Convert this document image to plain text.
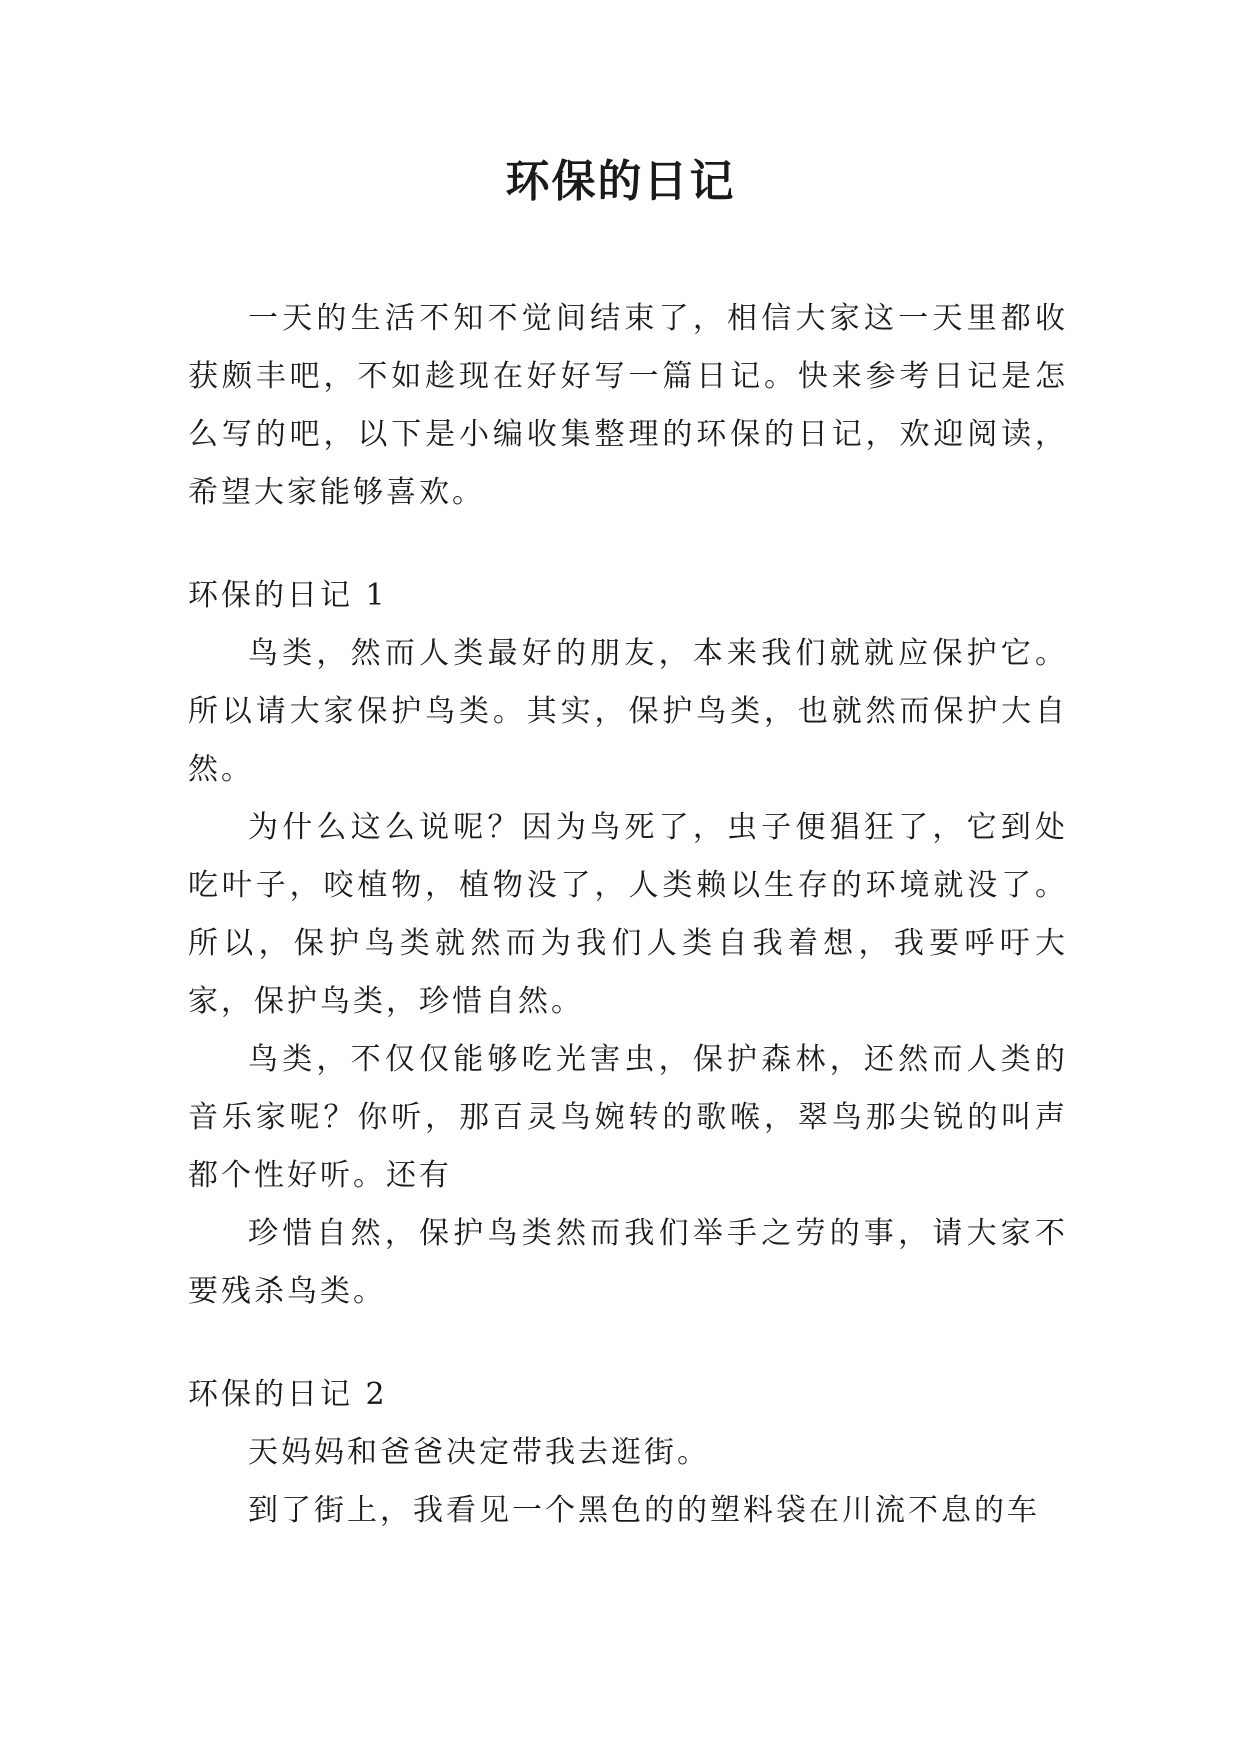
环保的日记

一天的生活不知不觉间结束了，相信大家这一天里都收获颇丰吧，不如趁现在好好写一篇日记。快来参考日记是怎么写的吧，以下是小编收集整理的环保的日记，欢迎阅读，希望大家能够喜欢。

环保的日记 1

鸟类，然而人类最好的朋友，本来我们就就应保护它。所以请大家保护鸟类。其实，保护鸟类，也就然而保护大自然。

为什么这么说呢？因为鸟死了，虫子便猖狂了，它到处吃叶子，咬植物，植物没了，人类赖以生存的环境就没了。所以，保护鸟类就然而为我们人类自我着想，我要呼吁大家，保护鸟类，珍惜自然。

鸟类，不仅仅能够吃光害虫，保护森林，还然而人类的音乐家呢？你听，那百灵鸟婉转的歌喉，翠鸟那尖锐的叫声都个性好听。还有

珍惜自然，保护鸟类然而我们举手之劳的事，请大家不要残杀鸟类。

环保的日记 2

天妈妈和爸爸决定带我去逛街。

到了街上，我看见一个黑色的的塑料袋在川流不息的车
